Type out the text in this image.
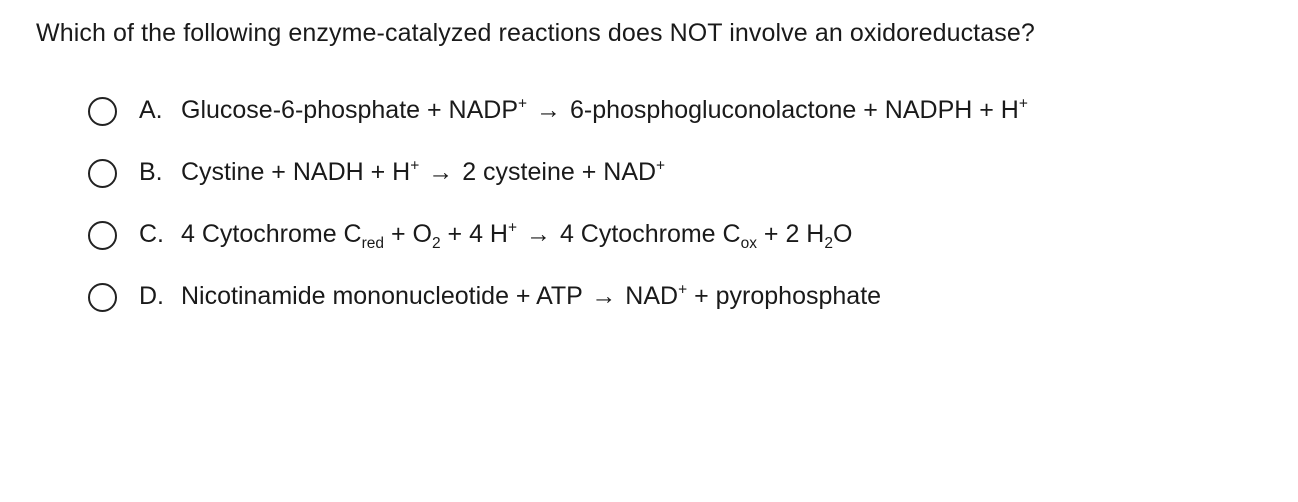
Which of the following enzyme-catalyzed reactions does NOT involve an oxidoreductase?
A. Glucose-6-phosphate + NADP+ → 6-phosphogluconolactone + NADPH + H+
B. Cystine + NADH + H+ → 2 cysteine + NAD+
C. 4 Cytochrome $C_{red} + O_2 + 4$ H+ → 4 Cytochrome $C_{ox} + 2$ $H_2O$
D. Nicotinamide mononucleotide + ATP → NAD+ + pyrophosphate
